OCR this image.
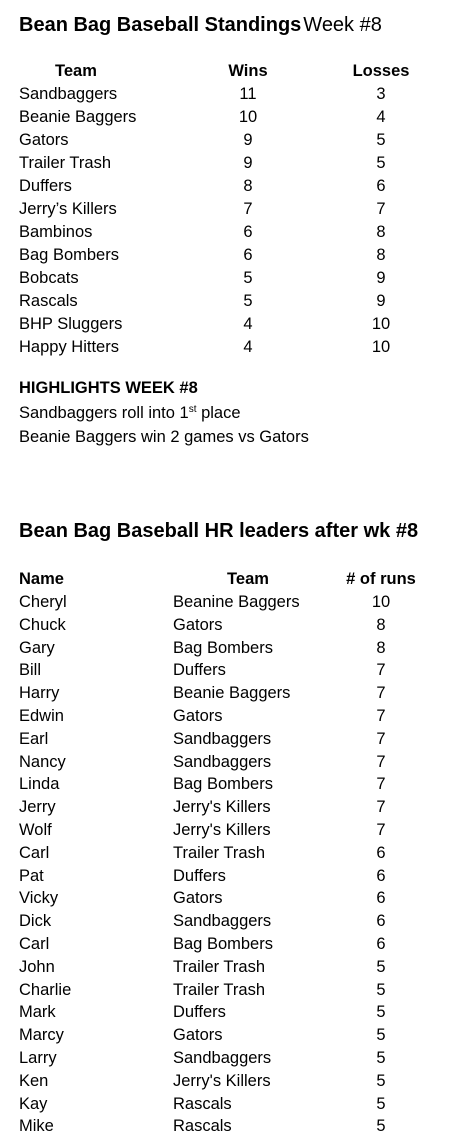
Bean Bag Baseball Standings Week #8
Team	Wins	Losses
Sandbaggers	11	3
Beanie Baggers	10	4
Gators	9	5
Trailer Trash	9	5
Duffers	8	6
Jerry’s Killers	7	7
Bambinos	6	8
Bag Bombers	6	8
Bobcats	5	9
Rascals	5	9
BHP Sluggers	4	10
Happy Hitters	4	10
HIGHLIGHTS WEEK #8
Sandbaggers roll into 1st place
Beanie Baggers win 2 games vs Gators
Bean Bag Baseball HR leaders after wk #8
Name	Team	# of runs
Cheryl	Beanine Baggers	10
Chuck	Gators	8
Gary	Bag Bombers	8
Bill	Duffers	7
Harry	Beanie Baggers	7
Edwin	Gators	7
Earl	Sandbaggers	7
Nancy	Sandbaggers	7
Linda	Bag Bombers	7
Jerry	Jerry's Killers	7
Wolf	Jerry's Killers	7
Carl	Trailer Trash	6
Pat	Duffers	6
Vicky	Gators	6
Dick	Sandbaggers	6
Carl	Bag Bombers	6
John	Trailer Trash	5
Charlie	Trailer Trash	5
Mark	Duffers	5
Marcy	Gators	5
Larry	Sandbaggers	5
Ken	Jerry's Killers	5
Kay	Rascals	5
Mike	Rascals	5
